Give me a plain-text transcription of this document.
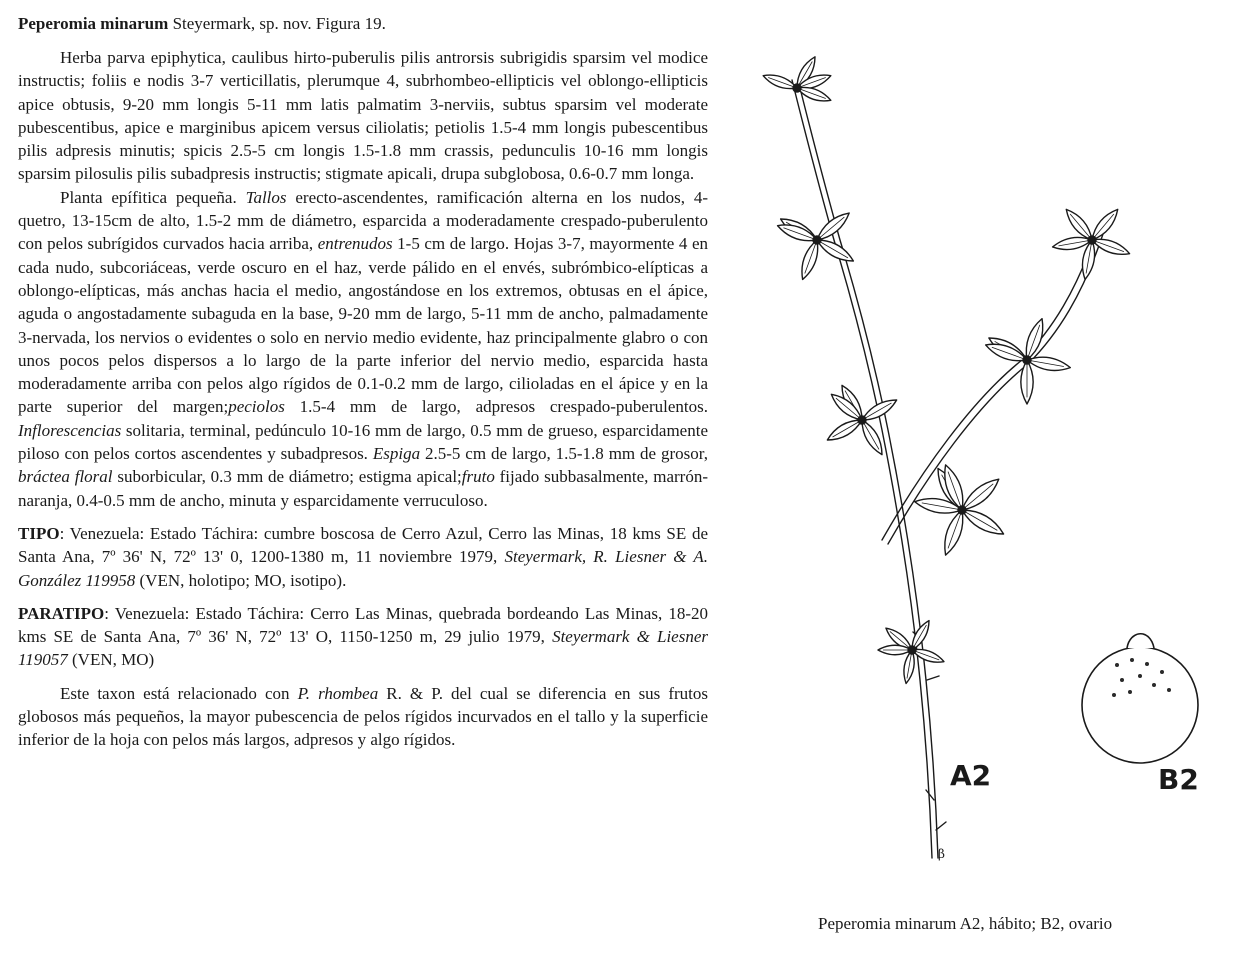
Peperomia minarum Steyermark, sp. nov. Figura 19.

Herba parva epiphytica, caulibus hirto-puberulis pilis antrorsis subrigidis sparsim vel modice instructis; foliis e nodis 3-7 verticillatis, plerumque 4, subrhombeo-ellipticis vel oblongo-ellipticis apice obtusis, 9-20 mm longis 5-11 mm latis palmatim 3-nerviis, subtus sparsim vel moderate pubescentibus, apice e marginibus apicem versus ciliolatis; petiolis 1.5-4 mm longis pubescentibus pilis adpresis minutis; spicis 2.5-5 cm longis 1.5-1.8 mm crassis, pedunculis 10-16 mm longis sparsim pilosulis pilis subadpresis instructis; stigmate apicali, drupa subglobosa, 0.6-0.7 mm longa.

Planta epífitica pequeña. Tallos erecto-ascendentes, ramificación alterna en los nudos, 4-quetro, 13-15cm de alto, 1.5-2 mm de diámetro, esparcida a moderadamente crespado-puberulento con pelos subrígidos curvados hacia arriba, entrenudos 1-5 cm de largo. Hojas 3-7, mayormente 4 en cada nudo, subcoriáceas, verde oscuro en el haz, verde pálido en el envés, subrómbico-elípticas a oblongo-elípticas, más anchas hacia el medio, angostándose en los extremos, obtusas en el ápice, aguda o angostadamente subaguda en la base, 9-20 mm de largo, 5-11 mm de ancho, palmadamente 3-nervada, los nervios o evidentes o solo en nervio medio evidente, haz principalmente glabro o con unos pocos pelos dispersos a lo largo de la parte inferior del nervio medio, esparcida hasta moderadamente arriba con pelos algo rígidos de 0.1-0.2 mm de largo, cilioladas en el ápice y en la parte superior del margen;peciolos 1.5-4 mm de largo, adpresos crespado-puberulentos. Inflorescencias solitaria, terminal, pedúnculo 10-16 mm de largo, 0.5 mm de grueso, esparcidamente piloso con pelos cortos ascendentes y subadpresos. Espiga 2.5-5 cm de largo, 1.5-1.8 mm de grosor, bráctea floral suborbicular, 0.3 mm de diámetro; estigma apical;fruto fijado subbasalmente, marrón-naranja, 0.4-0.5 mm de ancho, minuta y esparcidamente verruculoso.

TIPO: Venezuela: Estado Táchira: cumbre boscosa de Cerro Azul, Cerro las Minas, 18 kms SE de Santa Ana, 7º 36' N, 72º 13' 0, 1200-1380 m, 11 noviembre 1979, Steyermark, R. Liesner & A. González 119958 (VEN, holotipo; MO, isotipo).

PARATIPO: Venezuela: Estado Táchira: Cerro Las Minas, quebrada bordeando Las Minas, 18-20 kms SE de Santa Ana, 7º 36' N, 72º 13' O, 1150-1250 m, 29 julio 1979, Steyermark & Liesner 119057 (VEN, MO)

Este taxon está relacionado con P. rhombea R. & P. del cual se diferencia en sus frutos globosos más pequeños, la mayor pubescencia de pelos rígidos incurvados en el tallo y la superficie inferior de la hoja con pelos más largos, adpresos y algo rígidos.

A2	B2
β
Peperomia minarum A2, hábito; B2, ovario
